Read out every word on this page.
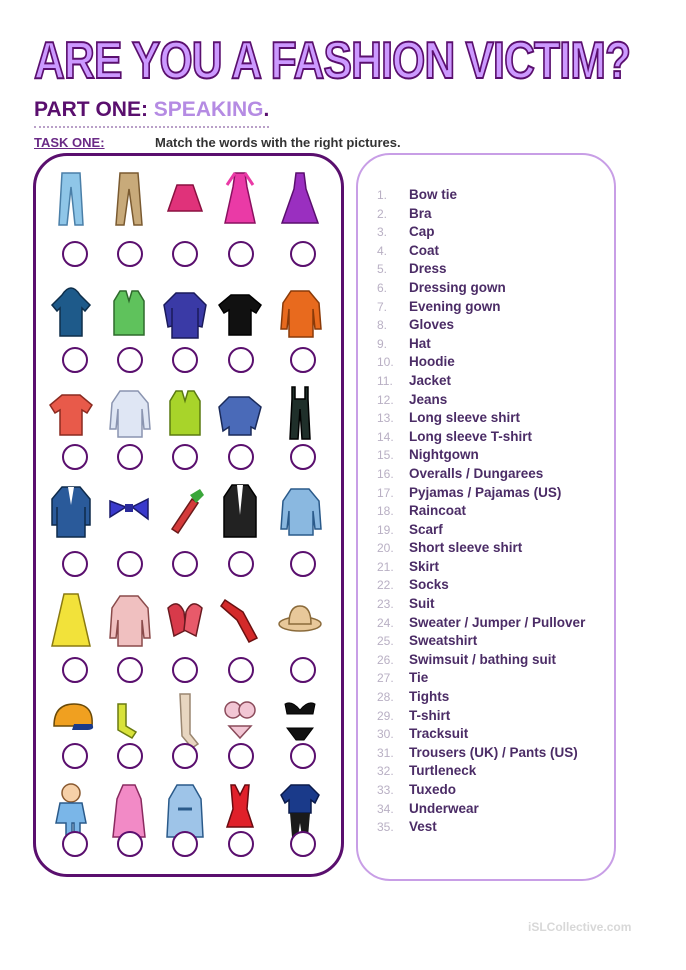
ARE YOU A FASHION VICTIM?
PART ONE: SPEAKING.
TASK ONE:	Match the words with the right pictures.
1. Bow tie
2. Bra
3. Cap
4. Coat
5. Dress
6. Dressing gown
7. Evening gown
8. Gloves
9. Hat
10. Hoodie
11. Jacket
12. Jeans
13. Long sleeve shirt
14. Long sleeve T-shirt
15. Nightgown
16. Overalls / Dungarees
17. Pyjamas / Pajamas (US)
18. Raincoat
19. Scarf
20. Short sleeve shirt
21. Skirt
22. Socks
23. Suit
24. Sweater / Jumper / Pullover
25. Sweatshirt
26. Swimsuit / bathing suit
27. Tie
28. Tights
29. T-shirt
30. Tracksuit
31. Trousers (UK) / Pants (US)
32. Turtleneck
33. Tuxedo
34. Underwear
35. Vest
iSLCollective.com
